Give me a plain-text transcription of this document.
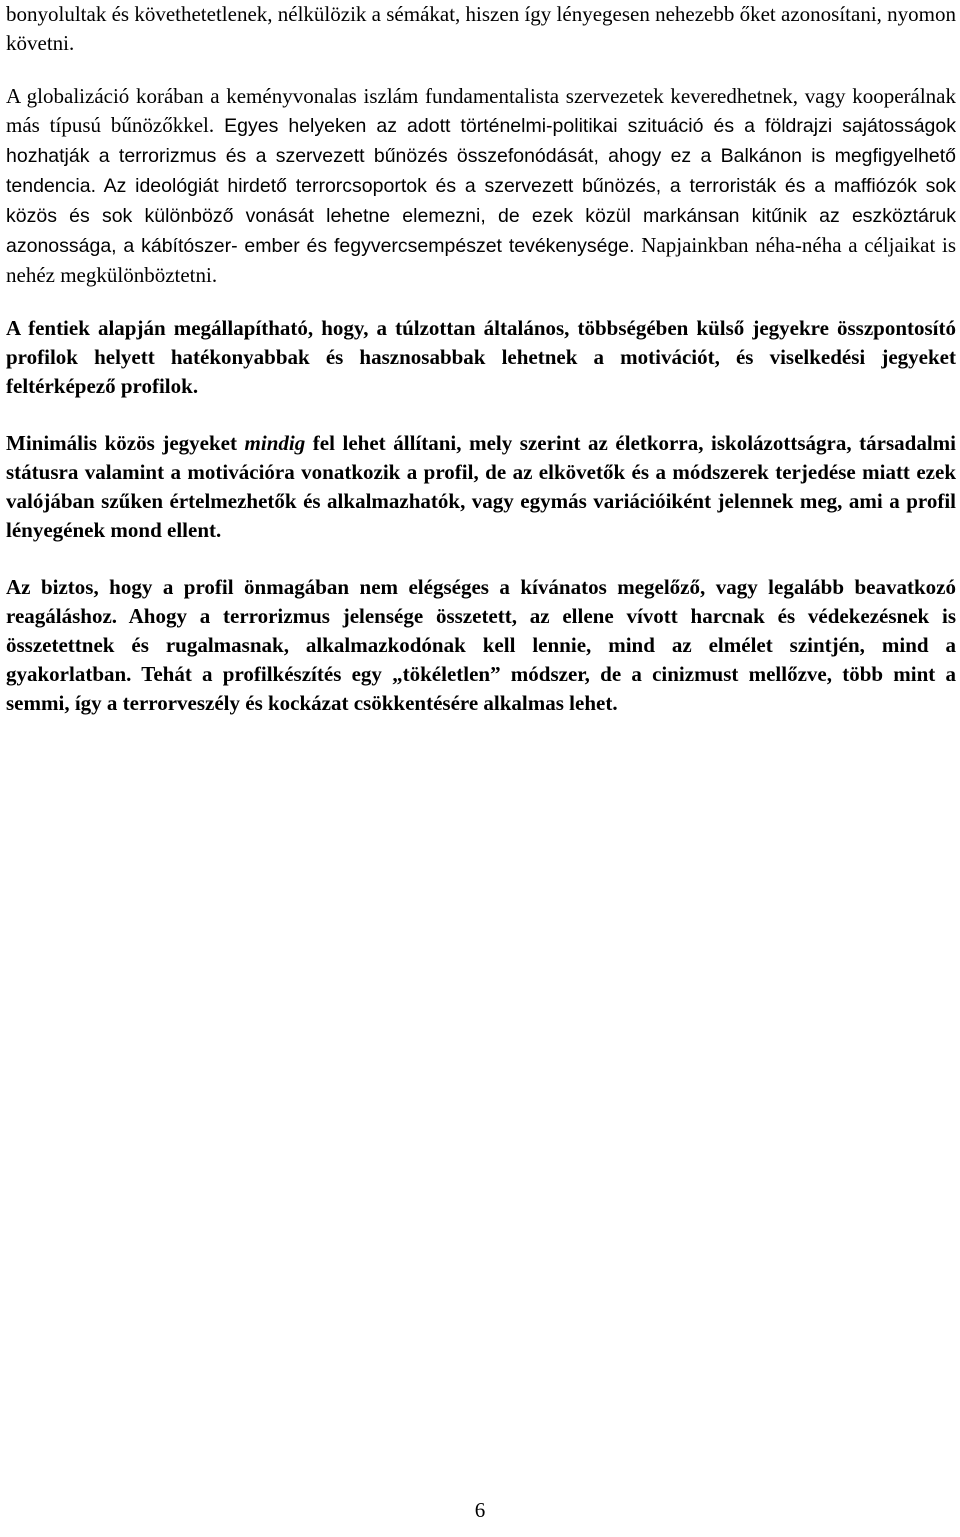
bonyolultak és követhetetlenek, nélkülözik a sémákat, hiszen így lényegesen nehezebb őket azonosítani, nyomon követni.

A globalizáció korában a keményvonalas iszlám fundamentalista szervezetek keveredhetnek, vagy kooperálnak más típusú bűnözőkkel. Egyes helyeken az adott történelmi-politikai szituáció és a földrajzi sajátosságok hozhatják a terrorizmus és a szervezett bűnözés összefonódását, ahogy ez a Balkánon is megfigyelhető tendencia. Az ideológiát hirdető terrorcsoportok és a szervezett bűnözés, a terroristák és a maffiózók sok közös és sok különböző vonását lehetne elemezni, de ezek közül markánsan kitűnik az eszköztáruk azonossága, a kábítószer- ember és fegyvercsempészet tevékenysége. Napjainkban néha-néha a céljaikat is nehéz megkülönböztetni.

A fentiek alapján megállapítható, hogy, a túlzottan általános, többségében külső jegyekre összpontosító profilok helyett hatékonyabbak és hasznosabbak lehetnek a motivációt, és viselkedési jegyeket feltérképező profilok.

Minimális közös jegyeket mindig fel lehet állítani, mely szerint az életkorra, iskolázottságra, társadalmi státusra valamint a motivációra vonatkozik a profil, de az elkövetők és a módszerek terjedése miatt ezek valójában szűken értelmezhetők és alkalmazhatók, vagy egymás variációiként jelennek meg, ami a profil lényegének mond ellent.

Az biztos, hogy a profil önmagában nem elégséges a kívánatos megelőző, vagy legalább beavatkozó reagáláshoz. Ahogy a terrorizmus jelensége összetett, az ellene vívott harcnak és védekezésnek is összetettnek és rugalmasnak, alkalmazkodónak kell lennie, mind az elmélet szintjén, mind a gyakorlatban. Tehát a profilkészítés egy „tökéletlen” módszer, de a cinizmust mellőzve, több mint a semmi, így a terrorveszély és kockázat csökkentésére alkalmas lehet.

6
